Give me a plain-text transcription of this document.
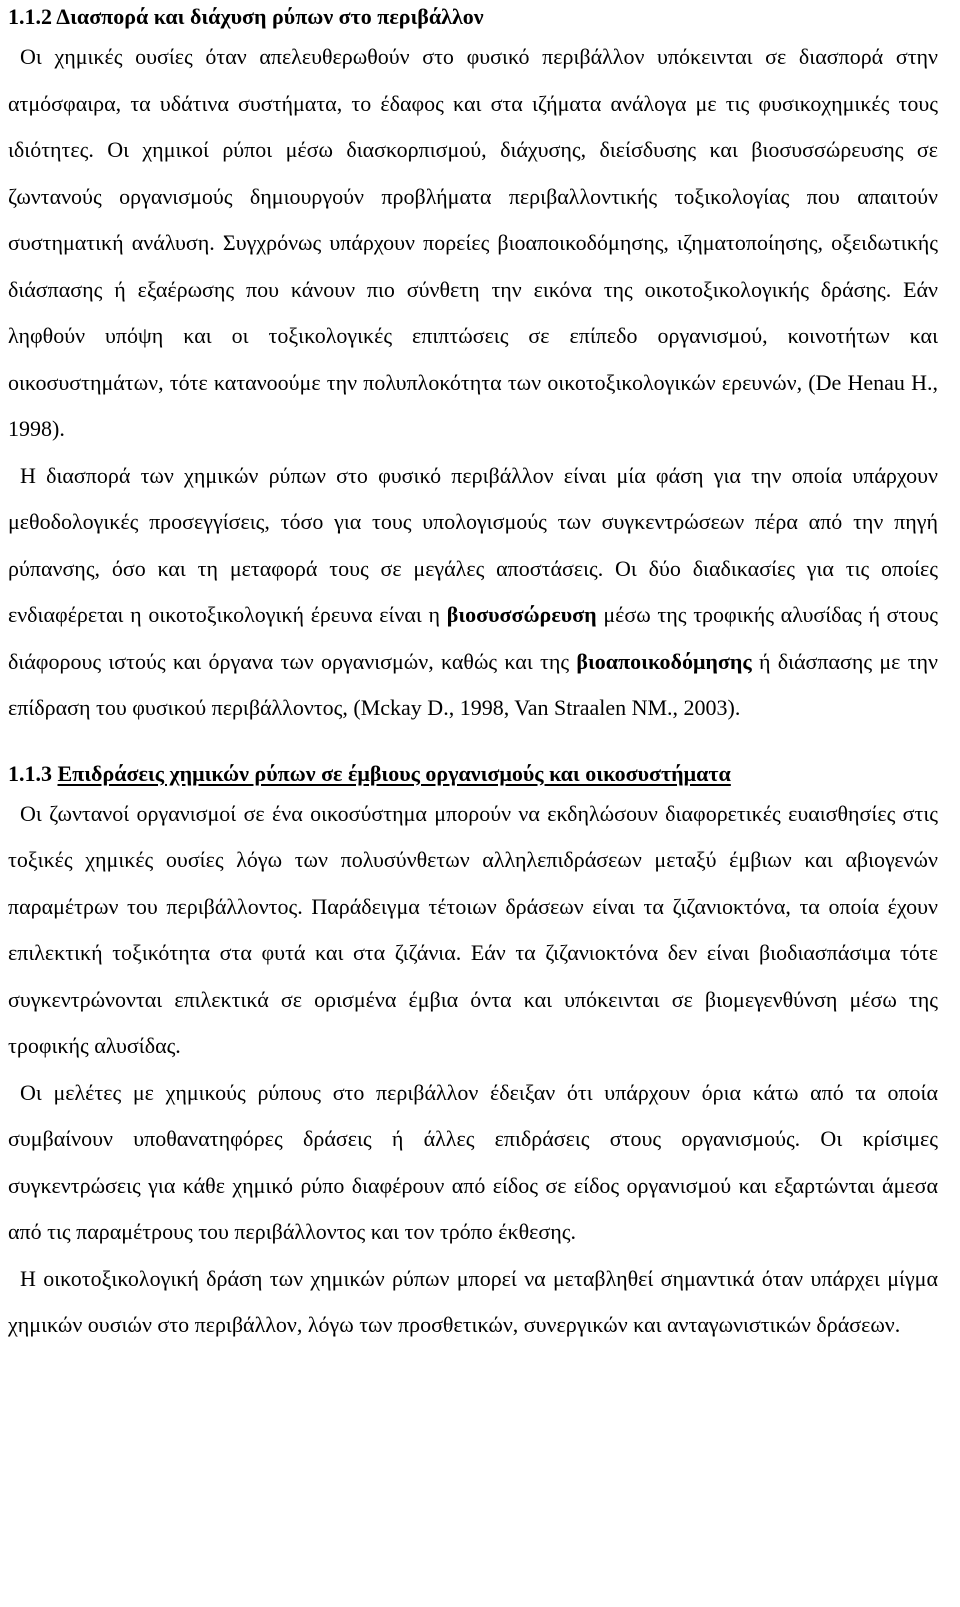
1.1.2 Διασπορά και διάχυση ρύπων στο περιβάλλον

Οι χημικές ουσίες όταν απελευθερωθούν στο φυσικό περιβάλλον υπόκεινται σε διασπορά στην ατμόσφαιρα, τα υδάτινα συστήματα, το έδαφος και στα ιζήματα ανάλογα με τις φυσικοχημικές τους ιδιότητες. Οι χημικοί ρύποι μέσω διασκορπισμού, διάχυσης, διείσδυσης και βιοσυσσώρευσης σε ζωντανούς οργανισμούς δημιουργούν προβλήματα περιβαλλοντικής τοξικολογίας που απαιτούν συστηματική ανάλυση. Συγχρόνως υπάρχουν πορείες βιοαποικοδόμησης, ιζηματοποίησης, οξειδωτικής διάσπασης ή εξαέρωσης που κάνουν πιο σύνθετη την εικόνα της οικοτοξικολογικής δράσης. Εάν ληφθούν υπόψη και οι τοξικολογικές επιπτώσεις σε επίπεδο οργανισμού, κοινοτήτων και οικοσυστημάτων, τότε κατανοούμε την πολυπλοκότητα των οικοτοξικολογικών ερευνών, (De Henau H., 1998).

Η διασπορά των χημικών ρύπων στο φυσικό περιβάλλον είναι μία φάση για την οποία υπάρχουν μεθοδολογικές προσεγγίσεις, τόσο για τους υπολογισμούς των συγκεντρώσεων πέρα από την πηγή ρύπανσης, όσο και τη μεταφορά τους σε μεγάλες αποστάσεις. Οι δύο διαδικασίες για τις οποίες ενδιαφέρεται η οικοτοξικολογική έρευνα είναι η βιοσυσσώρευση μέσω της τροφικής αλυσίδας ή στους διάφορους ιστούς και όργανα των οργανισμών, καθώς και της βιοαποικοδόμησης ή διάσπασης με την επίδραση του φυσικού περιβάλλοντος, (Mckay D., 1998, Van Straalen NM., 2003).

1.1.3 Επιδράσεις χημικών ρύπων σε έμβιους οργανισμούς και οικοσυστήματα

Οι ζωντανοί οργανισμοί σε ένα οικοσύστημα μπορούν να εκδηλώσουν διαφορετικές ευαισθησίες στις τοξικές χημικές ουσίες λόγω των πολυσύνθετων αλληλεπιδράσεων μεταξύ έμβιων και αβιογενών παραμέτρων του περιβάλλοντος. Παράδειγμα τέτοιων δράσεων είναι τα ζιζανιοκτόνα, τα οποία έχουν επιλεκτική τοξικότητα στα φυτά και στα ζιζάνια. Εάν τα ζιζανιοκτόνα δεν είναι βιοδιασπάσιμα τότε συγκεντρώνονται επιλεκτικά σε ορισμένα έμβια όντα και υπόκεινται σε βιομεγενθύνση μέσω της τροφικής αλυσίδας.

Οι μελέτες με χημικούς ρύπους στο περιβάλλον έδειξαν ότι υπάρχουν όρια κάτω από τα οποία συμβαίνουν υποθανατηφόρες δράσεις ή άλλες επιδράσεις στους οργανισμούς. Οι κρίσιμες συγκεντρώσεις για κάθε χημικό ρύπο διαφέρουν από είδος σε είδος οργανισμού και εξαρτώνται άμεσα από τις παραμέτρους του περιβάλλοντος και τον τρόπο έκθεσης.

Η οικοτοξικολογική δράση των χημικών ρύπων μπορεί να μεταβληθεί σημαντικά όταν υπάρχει μίγμα χημικών ουσιών στο περιβάλλον, λόγω των προσθετικών, συνεργικών και ανταγωνιστικών δράσεων.
